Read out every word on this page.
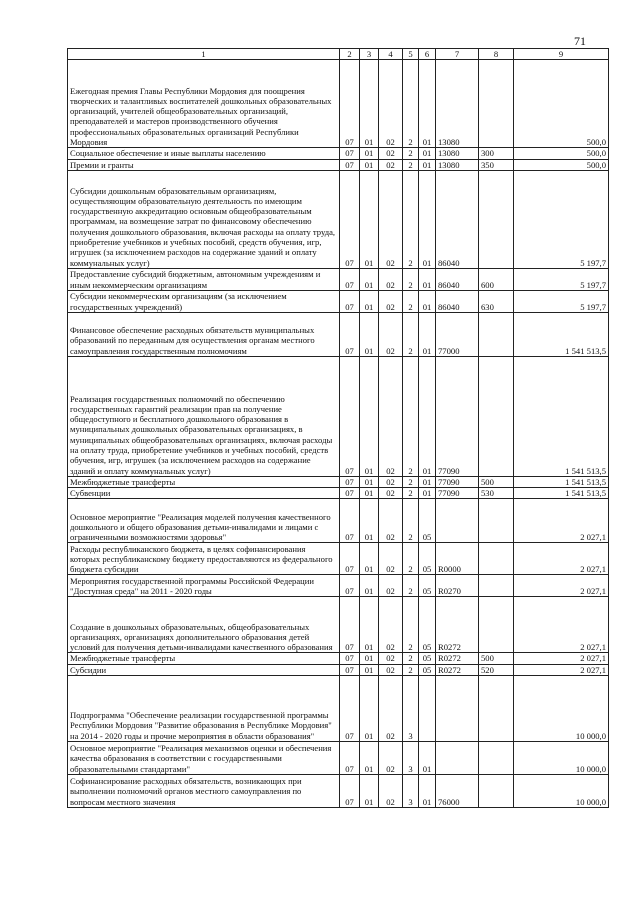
71
1	2	3	4	5	6	7	8	9
Ежегодная премия Главы Республики Мордовия для поощрения творческих и талантливых воспитателей дошкольных образовательных организаций, учителей общеобразовательных организаций, преподавателей и мастеров производственного обучения профессиональных образовательных организаций Республики Мордовия	07	01	02	2	01	13080		500,0
Социальное обеспечение и иные выплаты населению	07	01	02	2	01	13080	300	500,0
Премии и гранты	07	01	02	2	01	13080	350	500,0
Субсидии дошкольным образовательным организациям, осуществляющим образовательную деятельность по имеющим государственную аккредитацию основным общеобразовательным программам, на возмещение затрат по финансовому обеспечению получения дошкольного образования, включая расходы на оплату труда, приобретение учебников и учебных пособий, средств обучения, игр, игрушек (за исключением расходов на содержание зданий и оплату коммунальных услуг)	07	01	02	2	01	86040		5 197,7
Предоставление субсидий бюджетным, автономным учреждениям и иным некоммерческим организациям	07	01	02	2	01	86040	600	5 197,7
Субсидии некоммерческим организациям (за исключением государственных учреждений)	07	01	02	2	01	86040	630	5 197,7
Финансовое обеспечение расходных обязательств муниципальных образований по переданным для осуществления органам местного самоуправления государственным полномочиям	07	01	02	2	01	77000		1 541 513,5
Реализация государственных полномочий по обеспечению государственных гарантий реализации прав на получение общедоступного и бесплатного дошкольного образования в муниципальных дошкольных образовательных организациях, в муниципальных общеобразовательных организациях, включая расходы на оплату труда, приобретение учебников и учебных пособий, средств обучения, игр, игрушек (за исключением расходов на содержание зданий и оплату коммунальных услуг)	07	01	02	2	01	77090		1 541 513,5
Межбюджетные трансферты	07	01	02	2	01	77090	500	1 541 513,5
Субвенции	07	01	02	2	01	77090	530	1 541 513,5
Основное мероприятие "Реализация моделей получения качественного дошкольного и общего образования детьми-инвалидами и лицами с ограниченными возможностями здоровья"	07	01	02	2	05			2 027,1
Расходы республиканского бюджета, в целях софинансирования которых республиканскому бюджету предоставляются из федерального бюджета субсидии	07	01	02	2	05	R0000		2 027,1
Мероприятия государственной программы Российской Федерации "Доступная среда" на 2011 - 2020 годы	07	01	02	2	05	R0270		2 027,1
Создание в дошкольных образовательных, общеобразовательных организациях, организациях дополнительного образования детей условий для получения детьми-инвалидами качественного образования	07	01	02	2	05	R0272		2 027,1
Межбюджетные трансферты	07	01	02	2	05	R0272	500	2 027,1
Субсидии	07	01	02	2	05	R0272	520	2 027,1
Подпрограмма "Обеспечение реализации государственной программы Республики Мордовия "Развитие образования в Республике Мордовия" на 2014 - 2020 годы и прочие мероприятия в области образования"	07	01	02	3				10 000,0
Основное мероприятие "Реализация механизмов оценки и обеспечения качества образования в соответствии с государственными образовательными стандартами"	07	01	02	3	01			10 000,0
Софинансирование расходных обязательств, возникающих при выполнении полномочий органов местного самоуправления по вопросам местного значения	07	01	02	3	01	76000		10 000,0
